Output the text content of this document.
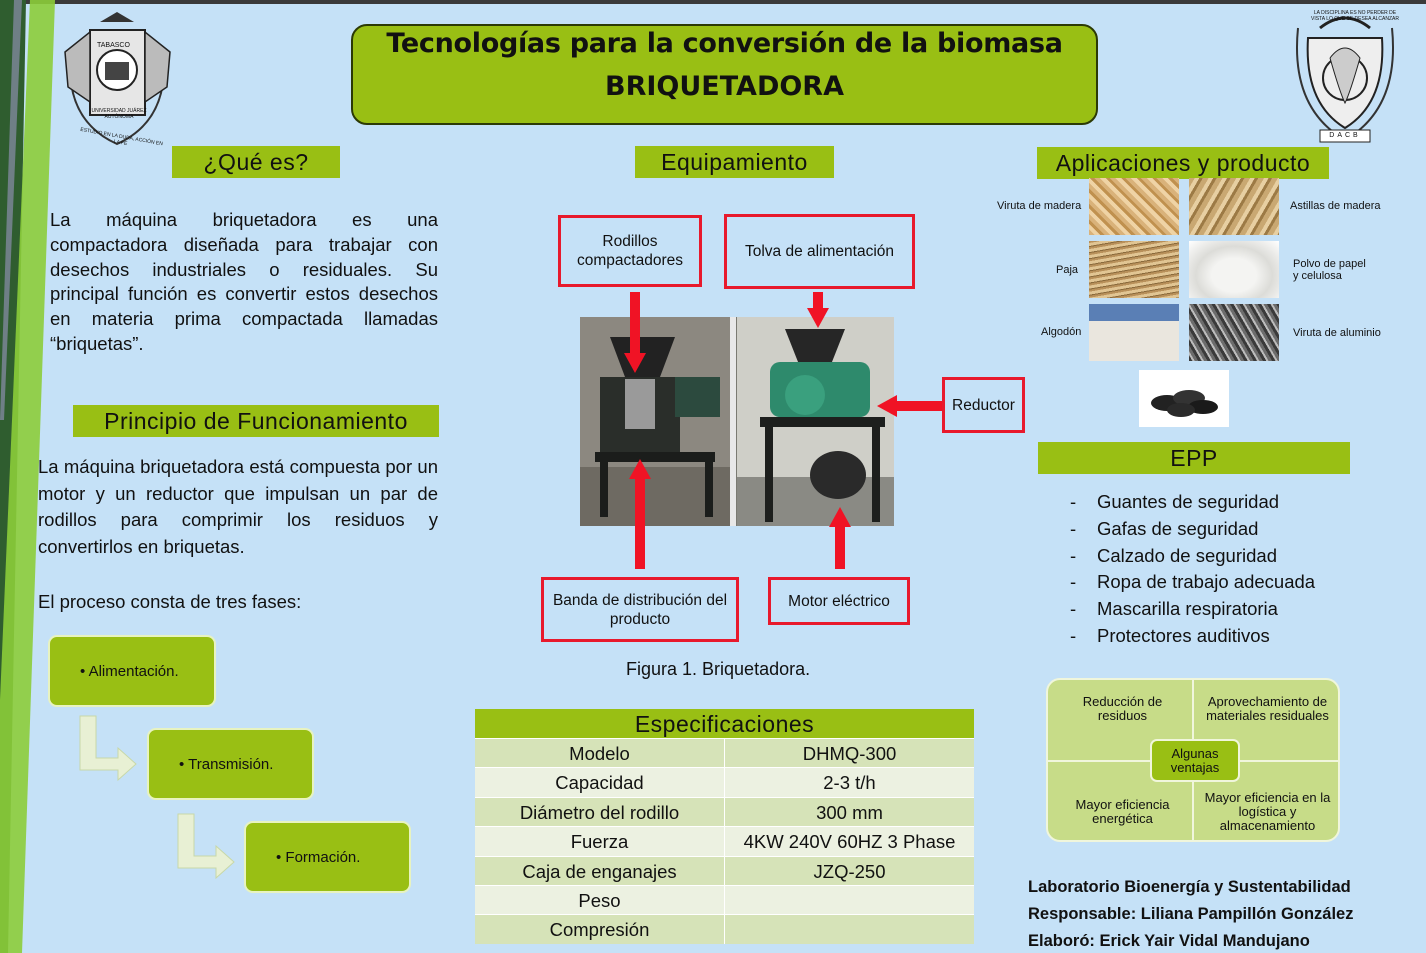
TABASCO
UNIVERSIDAD JUÁREZ AUTÓNOMA
ESTUDIO EN LA DUDA, ACCIÓN EN LA FE
LA DISCIPLINA ES NO PERDER DE VISTA LO QUE SE DESEA ALCANZAR
DACB
Tecnologías para la conversión de la biomasa
BRIQUETADORA
¿Qué es?
La máquina briquetadora es una compactadora diseñada para trabajar con desechos industriales o residuales. Su principal función es convertir estos desechos en materia prima compactada llamadas “briquetas”.
Principio de Funcionamiento
La máquina briquetadora está compuesta por un motor y un reductor que impulsan un par de rodillos para comprimir los residuos y convertirlos en briquetas.
El proceso consta de tres fases:
• Alimentación.
• Transmisión.
• Formación.
Equipamiento
Rodillos compactadores
Tolva de alimentación
Reductor
Banda de distribución del producto
Motor eléctrico
Figura 1. Briquetadora.
Especificaciones
Modelo	DHMQ-300
Capacidad	2-3 t/h
Diámetro del rodillo	300 mm
Fuerza	4KW 240V 60HZ 3 Phase
Caja de enganajes	JZQ-250
Peso
Compresión
Aplicaciones y producto
Viruta de madera	Astillas de madera
Paja	Polvo de papel
y celulosa
Algodón	Viruta de aluminio
EPP
- Guantes de seguridad
- Gafas de seguridad
- Calzado de seguridad
- Ropa de trabajo adecuada
- Mascarilla respiratoria
- Protectores auditivos
Reducción de residuos
Aprovechamiento de materiales residuales
Mayor eficiencia energética
Mayor eficiencia en la logística y almacenamiento
Algunas ventajas
Laboratorio Bioenergía y Sustentabilidad
Responsable: Liliana Pampillón González
Elaboró: Erick Yair Vidal Mandujano
